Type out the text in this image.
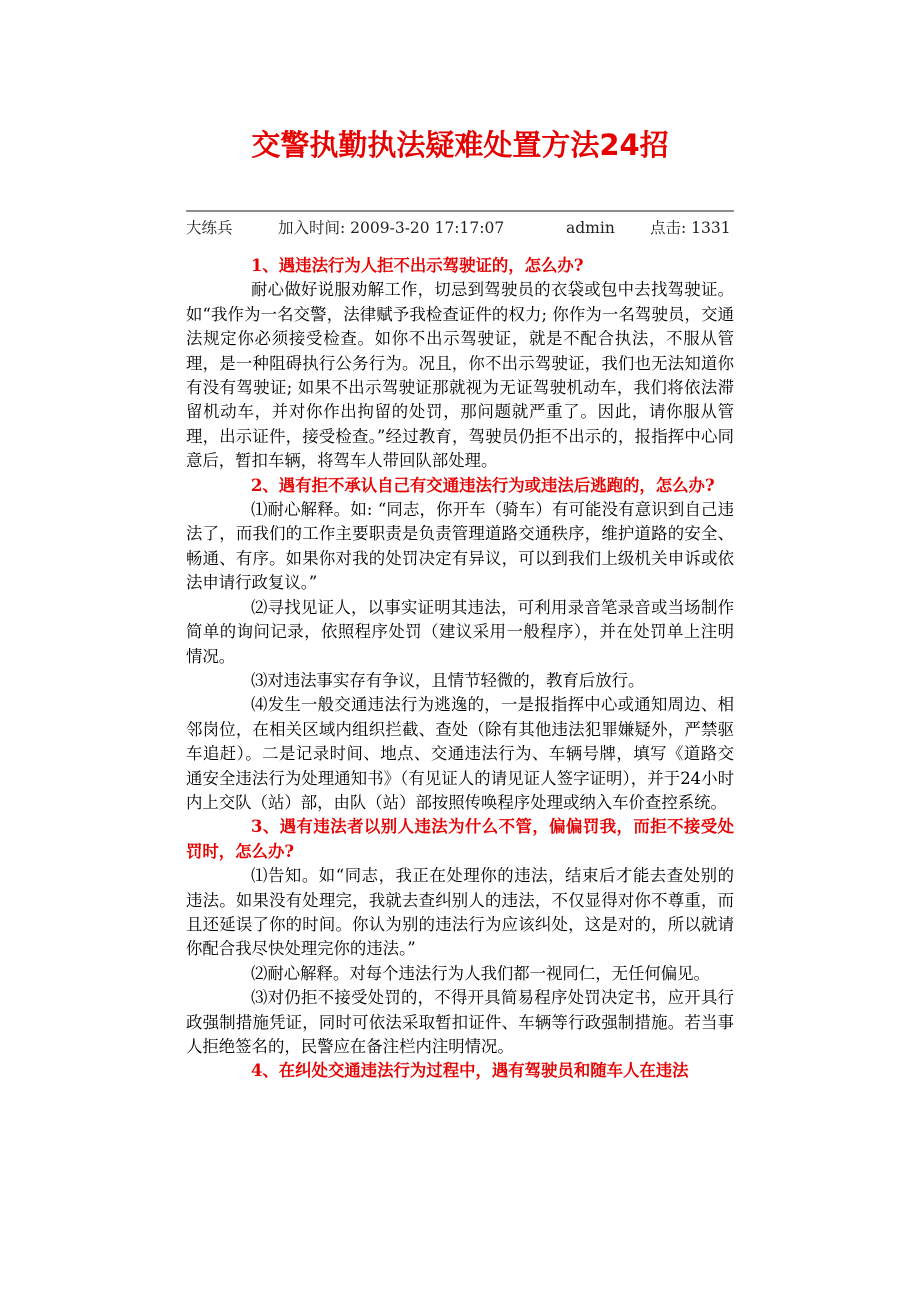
交警执勤执法疑难处置方法24招
大练兵	加入时间: 2009-3-20 17:17:07	admin 点击: 1331

1、遇违法行为人拒不出示驾驶证的，怎么办?

耐心做好说服劝解工作，切忌到驾驶员的衣袋或包中去找驾驶证。如“我作为一名交警，法律赋予我检查证件的权力; 你作为一名驾驶员，交通法规定你必须接受检查。如你不出示驾驶证，就是不配合执法，不服从管理，是一种阻碍执行公务行为。况且，你不出示驾驶证，我们也无法知道你有没有驾驶证; 如果不出示驾驶证那就视为无证驾驶机动车，我们将依法滞留机动车，并对你作出拘留的处罚，那问题就严重了。因此，请你服从管理，出示证件，接受检查。”经过教育，驾驶员仍拒不出示的，报指挥中心同意后，暂扣车辆，将驾车人带回队部处理。

2、遇有拒不承认自己有交通违法行为或违法后逃跑的，怎么办?

⑴耐心解释。如: “同志，你开车（骑车）有可能没有意识到自己违法了，而我们的工作主要职责是负责管理道路交通秩序，维护道路的安全、畅通、有序。如果你对我的处罚决定有异议，可以到我们上级机关申诉或依法申请行政复议。”

⑵寻找见证人，以事实证明其违法，可利用录音笔录音或当场制作简单的询问记录，依照程序处罚（建议采用一般程序），并在处罚单上注明情况。

⑶对违法事实存有争议，且情节轻微的，教育后放行。

⑷发生一般交通违法行为逃逸的，一是报指挥中心或通知周边、相邻岗位，在相关区域内组织拦截、查处（除有其他违法犯罪嫌疑外，严禁驱车追赶）。二是记录时间、地点、交通违法行为、车辆号牌，填写《道路交通安全违法行为处理通知书》（有见证人的请见证人签字证明），并于24小时内上交队（站）部，由队（站）部按照传唤程序处理或纳入车价查控系统。

3、遇有违法者以别人违法为什么不管，偏偏罚我，而拒不接受处罚时，怎么办?

⑴告知。如“同志，我正在处理你的违法，结束后才能去查处别的违法。如果没有处理完，我就去查纠别人的违法，不仅显得对你不尊重，而且还延误了你的时间。你认为别的违法行为应该纠处，这是对的，所以就请你配合我尽快处理完你的违法。”

⑵耐心解释。对每个违法行为人我们都一视同仁，无任何偏见。

⑶对仍拒不接受处罚的，不得开具简易程序处罚决定书，应开具行政强制措施凭证，同时可依法采取暂扣证件、车辆等行政强制措施。若当事人拒绝签名的，民警应在备注栏内注明情况。

4、在纠处交通违法行为过程中，遇有驾驶员和随车人在违法
